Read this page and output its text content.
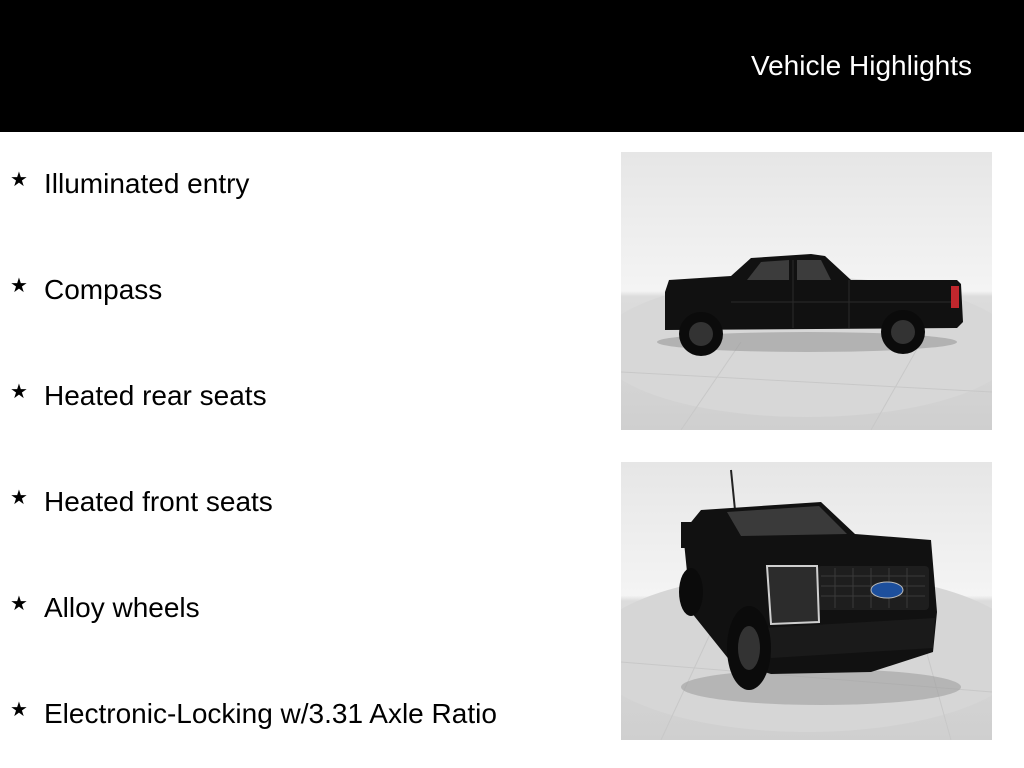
Vehicle Highlights
★ Illuminated entry
★ Compass
★ Heated rear seats
★ Heated front seats
★ Alloy wheels
★ Electronic-Locking w/3.31 Axle Ratio
